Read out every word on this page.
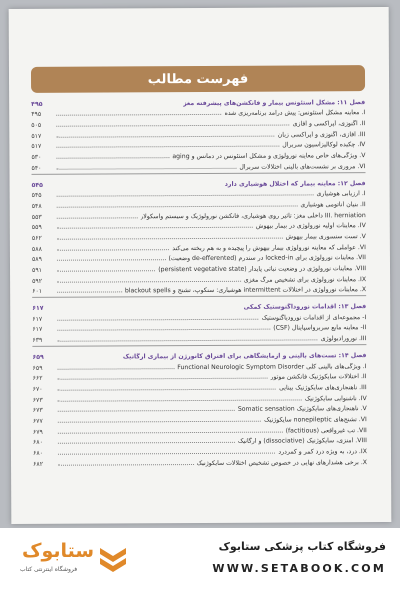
فهرست مطالب
فصل ۱۱: مشکل استئونس بیمار و فانکشن‌های پیشرفته مغز
۴۹۵
I. معاینه مشکل استئونس: پیش درآمد برنامه‌ریزی شده
۴۹۵
II. آگنوزی، آپراکسی و آفازی
۵۰۵
III. آفازی، آگنوزی و آپراکسی زبان
۵۱۷
IV. چکیده لوکالیزاسیون سربرال
۵۱۷
V. ویژگی‌های خاص معاینه نورولوژی و مشکل استئونس در دمانس و aging
۵۳۰
VI. مروری بر نشست‌های بالینی اختلالات سربرال
۵۴۰
فصل ۱۲: معاینه بیمار که اختلال هوشیاری دارد
۵۴۵
I. ارزیابی هوشیاری
۵۴۵
II. بنیان آناتومی هوشیاری
۵۴۸
III. herniation داخلی مغز: تأثیر روی هوشیاری، فانکشن نورولوژیک و سیستم واسکولار
۵۵۳
IV. معاینات اولیه نورولوژی در بیمار بیهوش
۵۵۹
V. تست سنسوری بیمار بیهوش
۵۶۲
VI. عواملی که معاینه نورولوژی بیمار بیهوش را پیچیده و به هم ریخته می‌کند
۵۸۸
VII. معاینات نورولوژی برای locked-in در سندرم (de-efferented وضعیت)
۵۸۹
VIII. معاینات نورولوژی در وضعیت نباتی پایدار (persistent vegetative state)
۵۹۱
IX. معاینات نورولوژی برای تشخیص مرگ مغزی
۵۹۲
X. معاینات نورولوژی در اختلالات intermittent هوشیاری: سنکوپ، تشنج و blackout spells
۶۰۱
فصل ۱۳: اقدامات نوروداگنوستیک کمکی
۶۱۷
I- مجموعه‌ای از اقدامات نورودیاگنوستیک
۶۱۷
II- معاینه مایع سربرواسپاینال (CSF)
۶۱۷
III. نوروراديولوژی
۶۳۹
فصل ۱۴: تست‌های بالینی و آزمایشگاهی برای افتراق کانورژن از بیماری ارگانیک
۶۵۹
I. ویژگی‌های بالینی کلی Functional Neurologic Symptom Disorder
۶۵۹
II. اختلالات سایکوژنیک فانکشن موتور
۶۶۲
III. ناهنجاری‌های سایکوژنیک بینایی
۶۷۰
IV. ناشنوایی سایکوژنیک
۶۷۳
V. ناهنجاری‌های سایکوژنیک Somatic sensation
۶۷۳
VI. تشنج‌های nonepileptic سایکوژنیک
۶۷۷
VII. تب غیرواقعی (factitious)
۶۷۹
VIII. آمنزی، سایکوژنیک (dissociative) و ارگانیک
۶۸۰
IX. درد، به ویژه درد کمر و کمردرد
۶۸۰
X. برخی هشدارهای نهایی در خصوص تشخیص اختلالات سایکوژنیک
۶۸۲
ستابوک
فروشگاه اینترنتی کتاب
فروشگاه کتاب پزشکی ستابوک
WWW.SETABOOK.COM
